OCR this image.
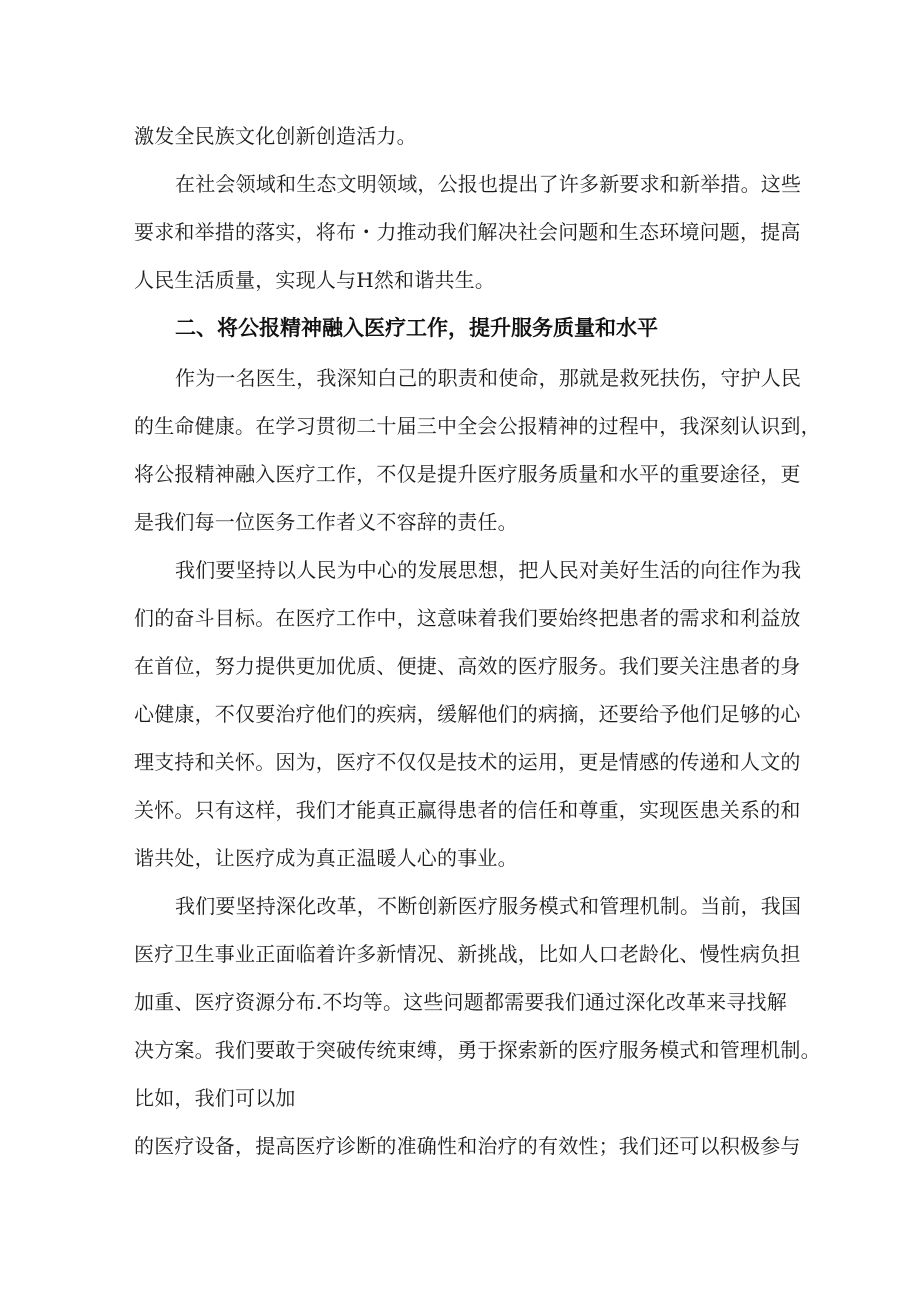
激发全民族文化创新创造活力。
在社会领域和生态文明领域，公报也提出了许多新要求和新举措。这些
要求和举措的落实，将布・力推动我们解决社会问题和生态环境问题，提高
人民生活质量，实现人与H然和谐共生。
二、将公报精神融入医疗工作，提升服务质量和水平
作为一名医生，我深知白己的职责和使命，那就是救死扶伤，守护人民
的生命健康。在学习贯彻二十届三中全会公报精神的过程中，我深刻认识到，
将公报精神融入医疗工作，不仅是提升医疗服务质量和水平的重要途径，更
是我们每一位医务工作者义不容辞的责任。
我们要坚持以人民为中心的发展思想，把人民对美好生活的向往作为我
们的奋斗目标。在医疗工作中，这意味着我们要始终把患者的需求和利益放
在首位，努力提供更加优质、便捷、高效的医疗服务。我们要关注患者的身
心健康，不仅要治疗他们的疾病，缓解他们的病摘，还要给予他们足够的心
理支持和关怀。因为，医疗不仅仅是技术的运用，更是情感的传递和人文的
关怀。只有这样，我们才能真正赢得患者的信任和尊重，实现医患关系的和
谐共处，让医疗成为真正温暖人心的事业。
我们要坚持深化改革，不断创新医疗服务模式和管理机制。当前，我国
医疗卫生事业正面临着许多新情况、新挑战，比如人口老龄化、慢性病负担
加重、医疗资源分布.不均等。这些问题都需要我们通过深化改革来寻找解
决方案。我们要敢于突破传统束缚，勇于探索新的医疗服务模式和管理机制。
比如，我们可以加
的医疗设备，提高医疗诊断的准确性和治疗的有效性；我们还可以积极参与
